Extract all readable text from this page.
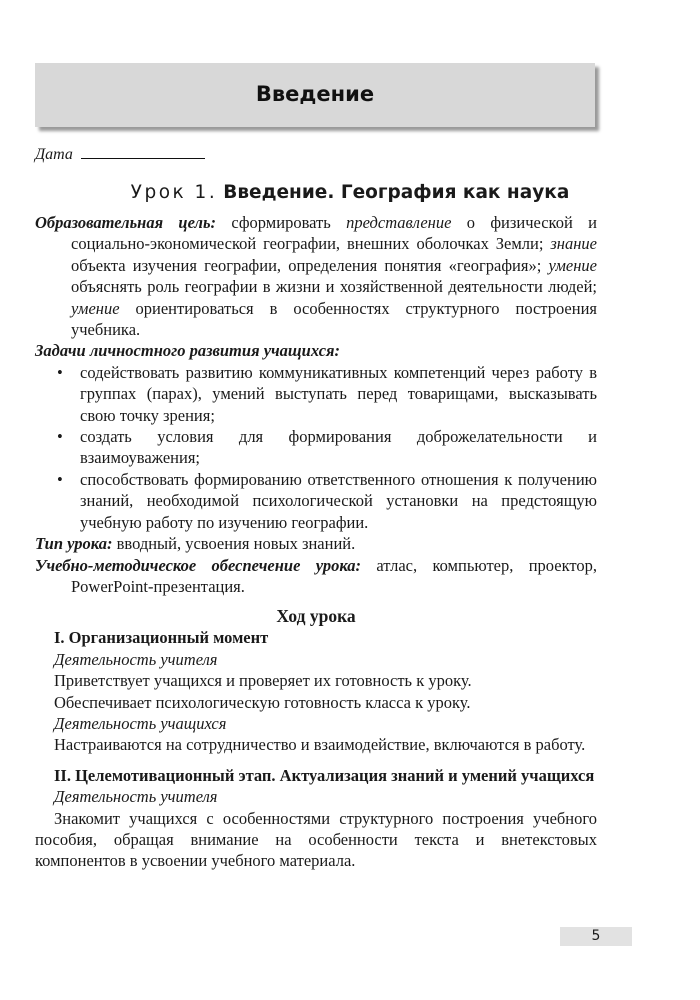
Введение
Дата
Урок 1. Введение. География как наука

Образовательная цель: сформировать представление о физической и социально-экономической географии, внешних оболочках Земли; знание объекта изучения географии, определения понятия «география»; умение объяснять роль географии в жизни и хозяйственной деятельности людей; умение ориентироваться в особенностях структурного построения учебника.

Задачи личностного развития учащихся:

• содействовать развитию коммуникативных компетенций через работу в группах (парах), умений выступать перед товарищами, высказывать свою точку зрения;
• создать условия для формирования доброжелательности и взаимоуважения;
• способствовать формированию ответственного отношения к получению знаний, необходимой психологической установки на предстоящую учебную работу по изучению географии.

Тип урока: вводный, усвоения новых знаний.

Учебно-методическое обеспечение урока: атлас, компьютер, проектор, PowerPoint-презентация.

Ход урока

I. Организационный момент

Деятельность учителя

Приветствует учащихся и проверяет их готовность к уроку.

Обеспечивает психологическую готовность класса к уроку.

Деятельность учащихся

Настраиваются на сотрудничество и взаимодействие, включаются в работу.

II. Целемотивационный этап. Актуализация знаний и умений учащихся

Деятельность учителя

Знакомит учащихся с особенностями структурного построения учебного пособия, обращая внимание на особенности текста и внетекстовых компонентов в усвоении учебного материала.

5
